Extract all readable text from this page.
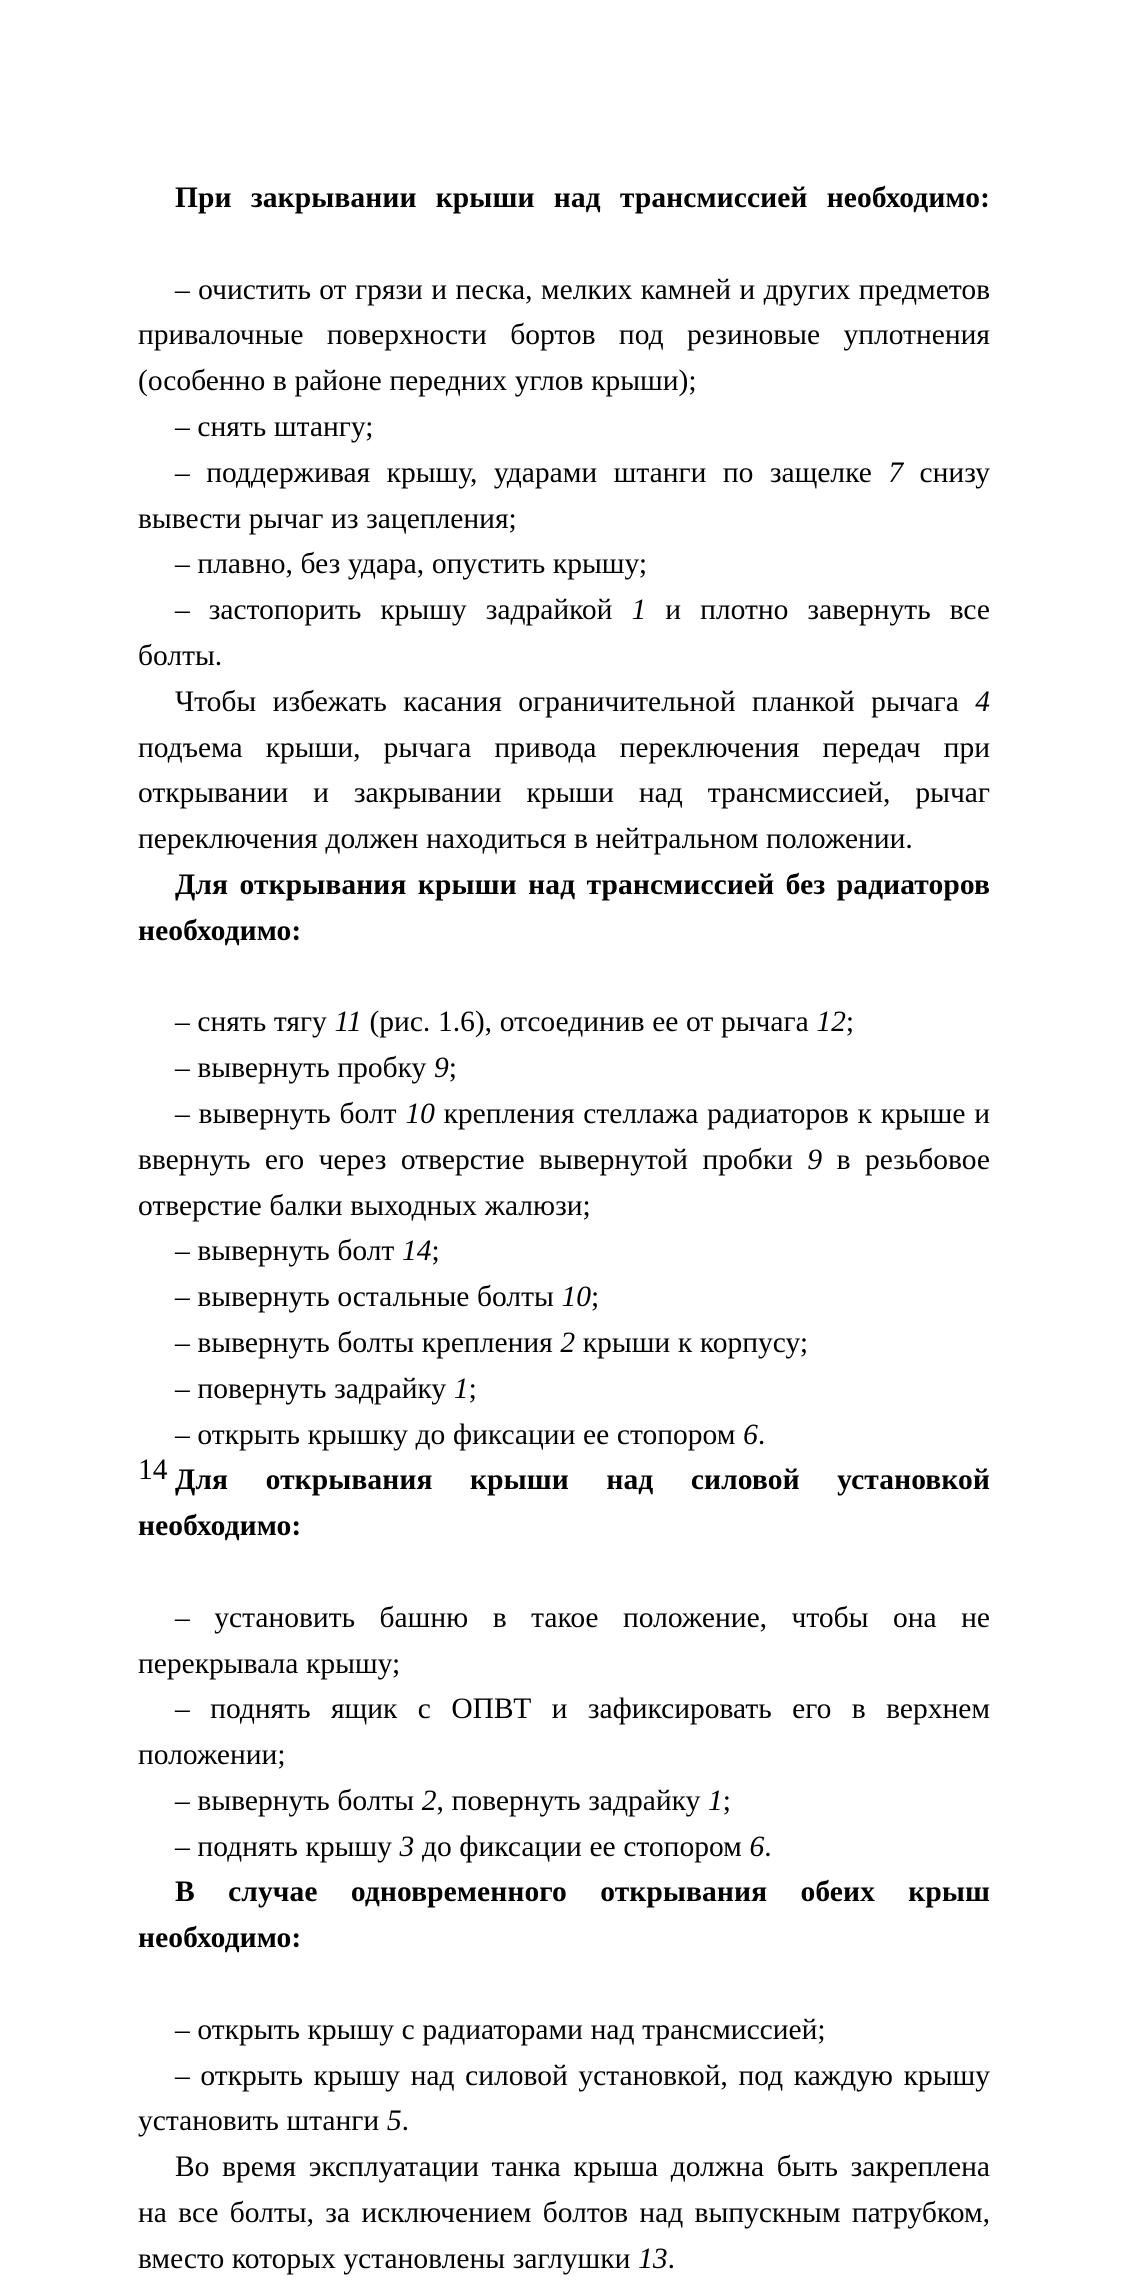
При закрывании крыши над трансмиссией необходимо:

– очистить от грязи и песка, мелких камней и других предметов привалочные поверхности бортов под резиновые уплотнения (особенно в районе передних углов крыши);

– снять штангу;

– поддерживая крышу, ударами штанги по защелке 7 снизу вывести рычаг из зацепления;

– плавно, без удара, опустить крышу;

– застопорить крышу задрайкой 1 и плотно завернуть все болты.

Чтобы избежать касания ограничительной планкой рычага 4 подъема крыши, рычага привода переключения передач при открывании и закрывании крыши над трансмиссией, рычаг переключения должен находиться в нейтральном положении.

Для открывания крыши над трансмиссией без радиаторов необходимо:

– снять тягу 11 (рис. 1.6), отсоединив ее от рычага 12;

– вывернуть пробку 9;

– вывернуть болт 10 крепления стеллажа радиаторов к крыше и ввернуть его через отверстие вывернутой пробки 9 в резьбовое отверстие балки выходных жалюзи;

– вывернуть болт 14;

– вывернуть остальные болты 10;

– вывернуть болты крепления 2 крыши к корпусу;

– повернуть задрайку 1;

– открыть крышку до фиксации ее стопором 6.

Для открывания крыши над силовой установкой необходимо:

– установить башню в такое положение, чтобы она не перекрывала крышу;

– поднять ящик с ОПВТ и зафиксировать его в верхнем положении;

– вывернуть болты 2, повернуть задрайку 1;

– поднять крышу 3 до фиксации ее стопором 6.

В случае одновременного открывания обеих крыш необходимо:

– открыть крышу с радиаторами над трансмиссией;

– открыть крышу над силовой установкой, под каждую крышу установить штанги 5.

Во время эксплуатации танка крыша должна быть закреплена на все болты, за исключением болтов над выпускным патрубком, вместо которых установлены заглушки 13.

14
